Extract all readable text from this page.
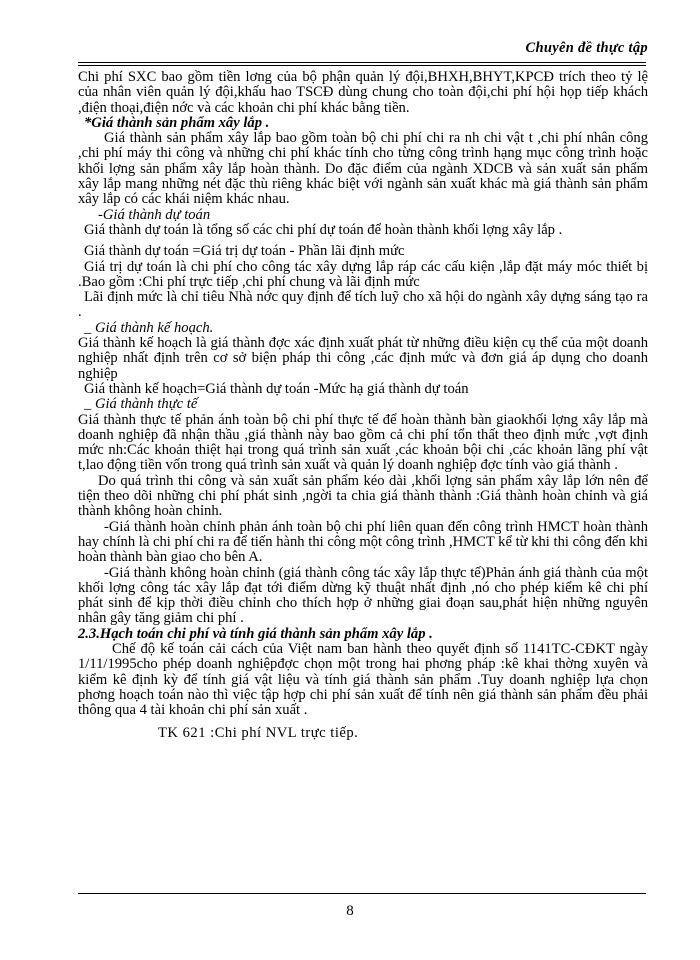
Chuyên đề thực tập

Chi phí SXC bao gồm tiền lơng của bộ phận quản lý đội,BHXH,BHYT,KPCĐ trích theo tỷ lệ của nhân viên quản lý đội,khấu hao TSCĐ dùng chung cho toàn đội,chi phí hội họp tiếp khách ,điện thoại,điện nớc và các khoản chi phí khác bằng tiền.

*Giá thành sản phẩm xây lắp .

Giá thành sản phẩm xây lắp bao gồm toàn bộ chi phí chi ra nh chi vật t ,chi phí nhân công ,chi phí máy thi công và những chi phí khác tính cho từng công trình hạng mục công trình hoặc khối lợng sản phẩm xây lắp hoàn thành. Do đặc điểm của ngành XDCB và sản xuất sản phẩm xây lắp mang những nét đặc thù riêng khác biệt với ngành sản xuất khác mà giá thành sản phẩm xây lắp có các khái niệm khác nhau.

-Giá thành dự toán

Giá thành dự toán là tổng số các chi phí dự toán để hoàn thành khối lợng xây lắp .

Giá thành dự toán =Giá trị dự toán - Phần lãi định mức

Giá trị dự toán là chi phí cho công tác xây dựng lắp ráp các cấu kiện ,lắp đặt máy móc thiết bị .Bao gồm :Chi phí trực tiếp ,chi phí chung và lãi định mức

Lãi định mức là chỉ tiêu Nhà nớc quy định để tích luỹ cho xã hội do ngành xây dựng sáng tạo ra .

_ Giá thành kế hoạch.

Giá thành kế hoạch là giá thành đợc xác định xuất phát từ những điều kiện cụ thể của một doanh nghiệp nhất định trên cơ sở biện pháp thi công ,các định mức và đơn giá áp dụng cho doanh nghiệp

Giá thành kế hoạch=Giá thành dự toán -Mức hạ giá thành dự toán

_ Giá thành thực tế

Giá thành thực tế phản ánh toàn bộ chi phí thực tế để hoàn thành bàn giaokhối lợng xây lắp mà doanh nghiệp đã nhận thầu ,giá thành này bao gồm cả chi phí tổn thất theo định mức ,vợt định mức nh:Các khoản thiệt hại trong quá trình sản xuất ,các khoản bội chi ,các khoản lãng phí vật t,lao động tiền vốn trong quá trình sản xuất và quản lý doanh nghiệp đợc tính vào giá thành .

Do quá trình thi công và sản xuất sản phẩm kéo dài ,khối lợng sản phẩm xây lắp lớn nên để tiện theo dõi những chi phí phát sinh ,ngời ta chia giá thành thành :Giá thành hoàn chỉnh và giá thành không hoàn chỉnh.

-Giá thành hoàn chỉnh phản ánh toàn bộ chi phí liên quan đến công trình HMCT hoàn thành hay chính là chi phí chi ra để tiến hành thi công một công trình ,HMCT kể từ khi thi công đến khi hoàn thành bàn giao cho bên A.

-Giá thành không hoàn chỉnh (giá thành công tác xây lắp thực tế)Phản ánh giá thành của một khối lợng công tác xây lắp đạt tới điểm dừng kỹ thuật nhất định ,nó cho phép kiểm kê chi phí phát sinh để kịp thời điều chỉnh cho thích hợp ở những giai đoạn sau,phát hiện những nguyên nhân gây tăng giảm chi phí .

2.3.Hạch toán chi phí và tính giá thành sản phẩm xây lắp .

Chế độ kế toán cải cách của Việt nam ban hành theo quyết định số 1141TC-CĐKT ngày 1/11/1995cho phép doanh nghiệpđợc chọn một trong hai phơng pháp :kê khai thờng xuyên và kiểm kê định kỳ để tính giá vật liệu và tính giá thành sản phẩm .Tuy doanh nghiệp lựa chọn phơng hoạch toán nào thì việc tập hợp chi phí sản xuất để tính nên giá thành sản phẩm đều phải thông qua 4 tài khoản chi phí sản xuất .

TK 621 :Chi phí NVL trực tiếp.

8
